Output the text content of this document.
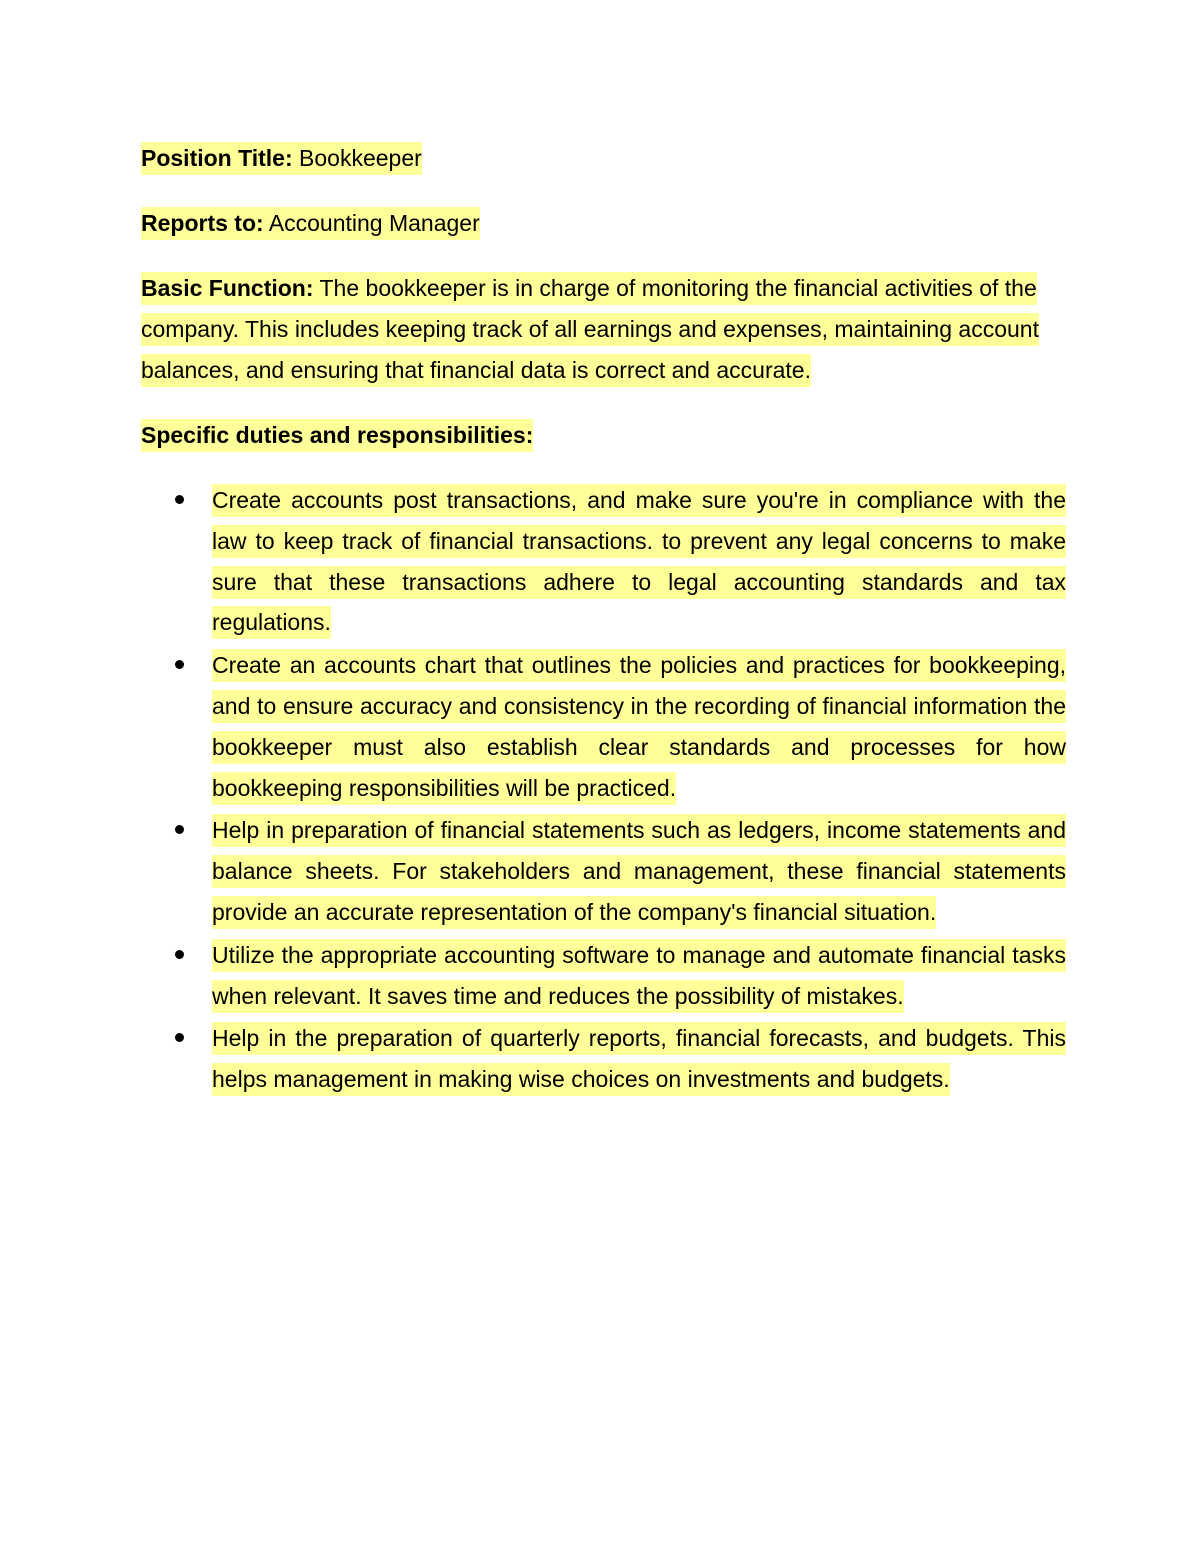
Position Title: Bookkeeper

Reports to: Accounting Manager

Basic Function: The bookkeeper is in charge of monitoring the financial activities of the company. This includes keeping track of all earnings and expenses, maintaining account balances, and ensuring that financial data is correct and accurate.

Specific duties and responsibilities:

Create accounts post transactions, and make sure you're in compliance with the law to keep track of financial transactions. to prevent any legal concerns to make sure that these transactions adhere to legal accounting standards and tax regulations.
Create an accounts chart that outlines the policies and practices for bookkeeping, and to ensure accuracy and consistency in the recording of financial information the bookkeeper must also establish clear standards and processes for how bookkeeping responsibilities will be practiced.
Help in preparation of financial statements such as ledgers, income statements and balance sheets. For stakeholders and management, these financial statements provide an accurate representation of the company's financial situation.
Utilize the appropriate accounting software to manage and automate financial tasks when relevant. It saves time and reduces the possibility of mistakes.
Help in the preparation of quarterly reports, financial forecasts, and budgets. This helps management in making wise choices on investments and budgets.
